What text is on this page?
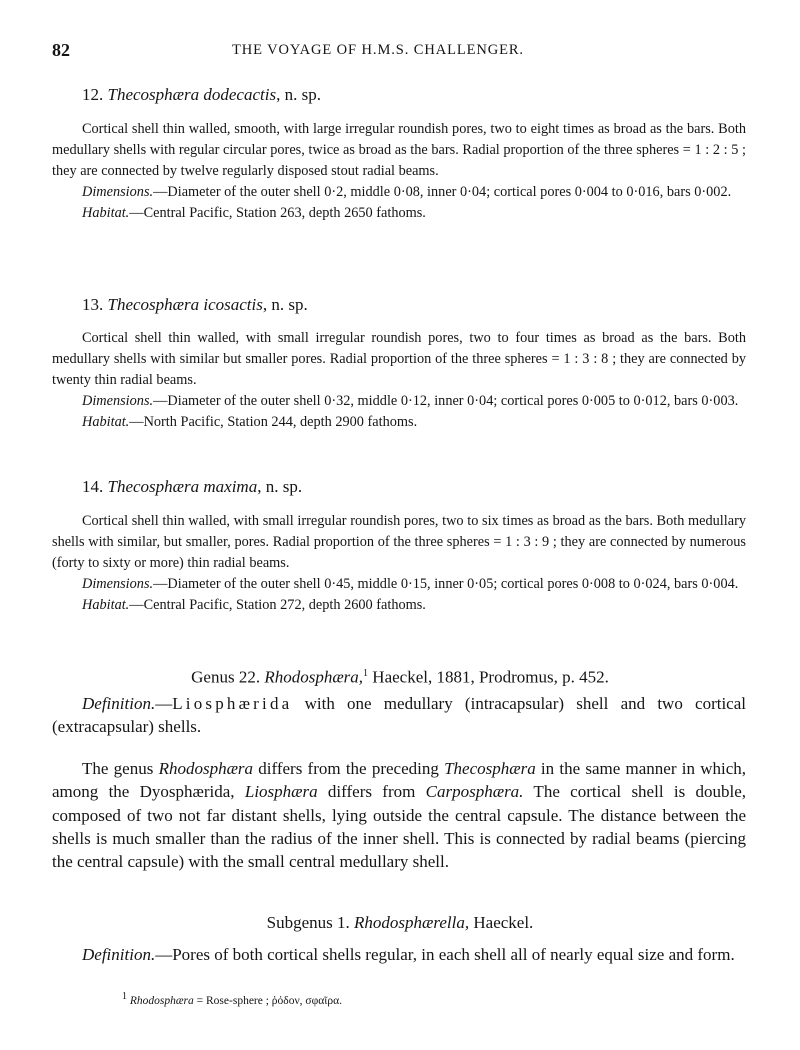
82	THE VOYAGE OF H.M.S. CHALLENGER.

12. Thecosphæra dodecactis, n. sp.

Cortical shell thin walled, smooth, with large irregular roundish pores, two to eight times as broad as the bars. Both medullary shells with regular circular pores, twice as broad as the bars. Radial proportion of the three spheres = 1 : 2 : 5 ; they are connected by twelve regularly disposed stout radial beams.

Dimensions.—Diameter of the outer shell 0·2, middle 0·08, inner 0·04; cortical pores 0·004 to 0·016, bars 0·002.

Habitat.—Central Pacific, Station 263, depth 2650 fathoms.

13. Thecosphæra icosactis, n. sp.

Cortical shell thin walled, with small irregular roundish pores, two to four times as broad as the bars. Both medullary shells with similar but smaller pores. Radial proportion of the three spheres = 1 : 3 : 8 ; they are connected by twenty thin radial beams.

Dimensions.—Diameter of the outer shell 0·32, middle 0·12, inner 0·04; cortical pores 0·005 to 0·012, bars 0·003.

Habitat.—North Pacific, Station 244, depth 2900 fathoms.

14. Thecosphæra maxima, n. sp.

Cortical shell thin walled, with small irregular roundish pores, two to six times as broad as the bars. Both medullary shells with similar, but smaller, pores. Radial proportion of the three spheres = 1 : 3 : 9 ; they are connected by numerous (forty to sixty or more) thin radial beams.

Dimensions.—Diameter of the outer shell 0·45, middle 0·15, inner 0·05; cortical pores 0·008 to 0·024, bars 0·004.

Habitat.—Central Pacific, Station 272, depth 2600 fathoms.

Genus 22. Rhodosphæra,$^1$ Haeckel, 1881, Prodromus, p. 452.

Definition.—Liosphærida with one medullary (intracapsular) shell and two cortical (extracapsular) shells.

The genus Rhodosphæra differs from the preceding Thecosphæra in the same manner in which, among the Dyosphærida, Liosphæra differs from Carposphæra. The cortical shell is double, composed of two not far distant shells, lying outside the central capsule. The distance between the shells is much smaller than the radius of the inner shell. This is connected by radial beams (piercing the central capsule) with the small central medullary shell.

Subgenus 1. Rhodosphærella, Haeckel.

Definition.—Pores of both cortical shells regular, in each shell all of nearly equal size and form.

$^1$ Rhodosphæra = Rose-sphere ; ῥόδον, σφαῖρα.
